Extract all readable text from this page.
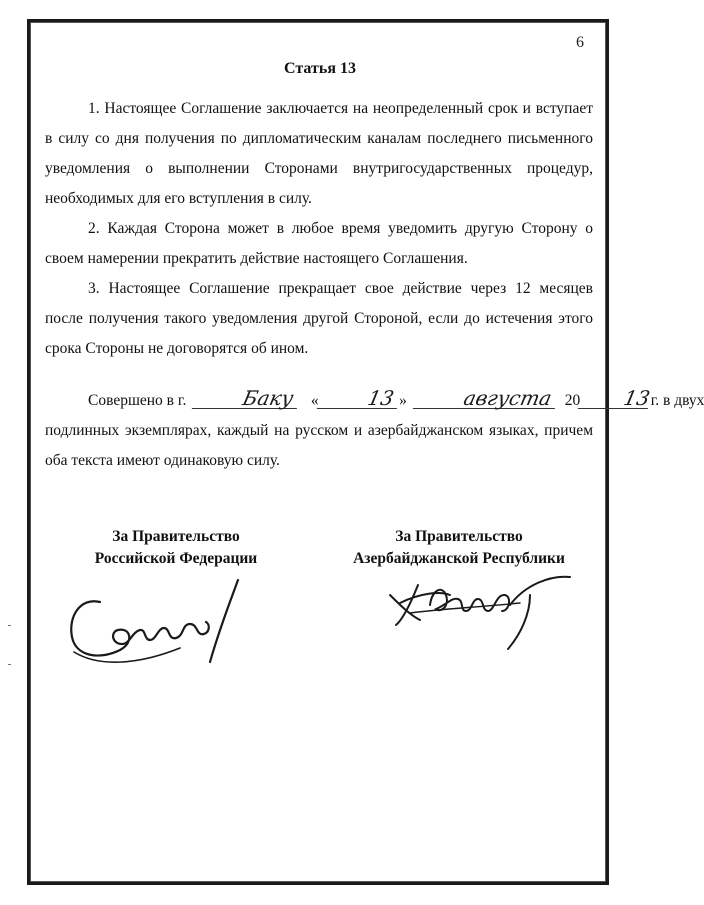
6
Статья 13

1. Настоящее Соглашение заключается на неопределенный срок и вступает в силу со дня получения по дипломатическим каналам последнего письменного уведомления о выполнении Сторонами внутригосударственных процедур, необходимых для его вступления в силу.

2. Каждая Сторона может в любое время уведомить другую Сторону о своем намерении прекратить действие настоящего Соглашения.

3. Настоящее Соглашение прекращает свое действие через 12 месяцев после получения такого уведомления другой Стороной, если до истечения этого срока Стороны не договорятся об ином.

Совершено в г.	Баку « 13 »	августа 20 13г. в двух
подлинных экземплярах, каждый на русском и азербайджанском языках, причем оба текста имеют одинаковую силу.
За Правительство
Российской Федерации
За Правительство
Азербайджанской Республики
